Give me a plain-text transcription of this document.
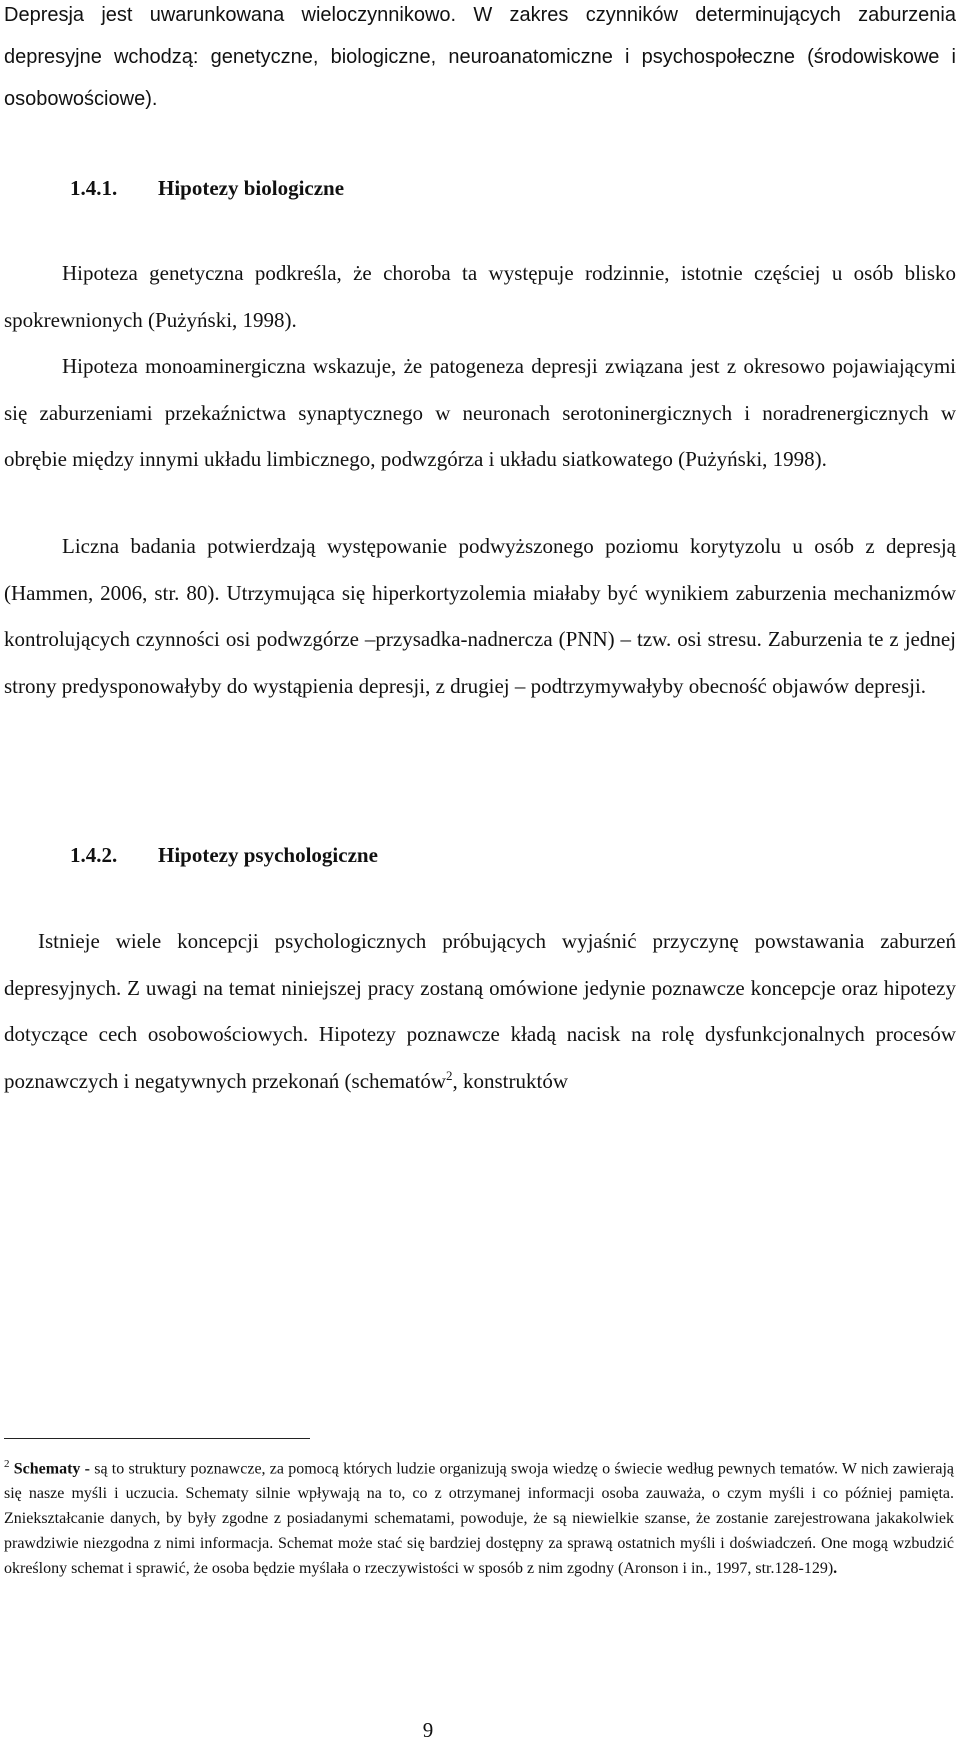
Depresja jest uwarunkowana wieloczynnikowo. W zakres czynników determinujących zaburzenia depresyjne wchodzą: genetyczne, biologiczne, neuroanatomiczne i psychospołeczne (środowiskowe i osobowościowe).

1.4.1. Hipotezy biologiczne

Hipoteza genetyczna podkreśla, że choroba ta występuje rodzinnie, istotnie częściej u osób blisko spokrewnionych (Pużyński, 1998).

Hipoteza monoaminergiczna wskazuje, że patogeneza depresji związana jest z okresowo pojawiającymi się zaburzeniami przekaźnictwa synaptycznego w neuronach serotoninergicznych i noradrenergicznych w obrębie między innymi układu limbicznego, podwzgórza i układu siatkowatego (Pużyński, 1998).

Liczna badania potwierdzają występowanie podwyższonego poziomu korytyzolu u osób z depresją (Hammen, 2006, str. 80). Utrzymująca się hiperkortyzolemia miałaby być wynikiem zaburzenia mechanizmów kontrolujących czynności osi podwzgórze –przysadka-nadnercza (PNN) – tzw. osi stresu. Zaburzenia te z jednej strony predysponowałyby do wystąpienia depresji, z drugiej – podtrzymywałyby obecność objawów depresji.

1.4.2. Hipotezy psychologiczne

Istnieje wiele koncepcji psychologicznych próbujących wyjaśnić przyczynę powstawania zaburzeń depresyjnych. Z uwagi na temat niniejszej pracy zostaną omówione jedynie poznawcze koncepcje oraz hipotezy dotyczące cech osobowościowych. Hipotezy poznawcze kładą nacisk na rolę dysfunkcjonalnych procesów poznawczych i negatywnych przekonań (schematów$^2$, konstruktów

$^2$ Schematy - są to struktury poznawcze, za pomocą których ludzie organizują swoja wiedzę o świecie według pewnych tematów. W nich zawierają się nasze myśli i uczucia. Schematy silnie wpływają na to, co z otrzymanej informacji osoba zauważa, o czym myśli i co później pamięta. Zniekształcanie danych, by były zgodne z posiadanymi schematami, powoduje, że są niewielkie szanse, że zostanie zarejestrowana jakakolwiek prawdziwie niezgodna z nimi informacja. Schemat może stać się bardziej dostępny za sprawą ostatnich myśli i doświadczeń. One mogą wzbudzić określony schemat i sprawić, że osoba będzie myślała o rzeczywistości w sposób z nim zgodny (Aronson i in., 1997, str.128-129).

9
